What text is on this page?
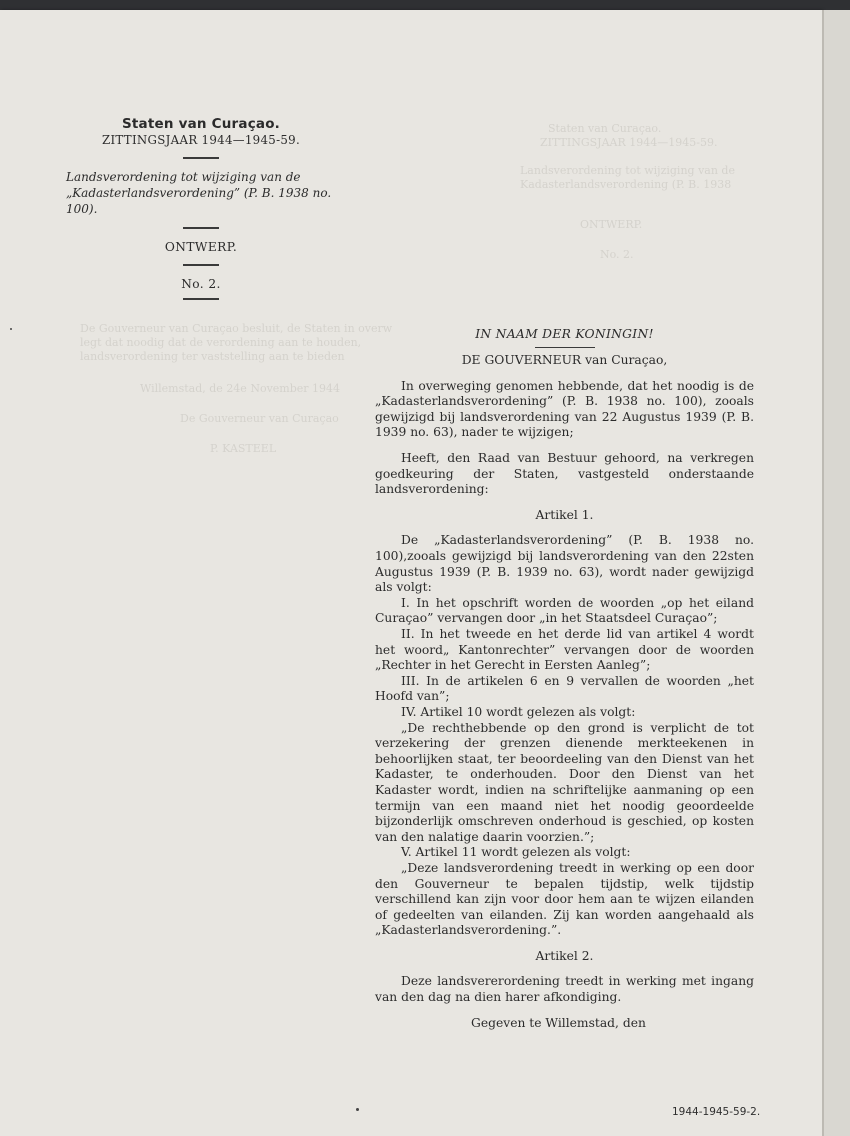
Staten van Curaçao.
ZITTINGSJAAR 1944—1945-59.
Landsverordening tot wijziging van de
Kadasterlandsverordening (P. B. 1938
ONTWERP.
No. 2.
De Gouverneur van Curaçao besluit, de Staten in overw
legt dat noodig dat de verordening aan te houden,
landsverordening ter vaststelling aan te bieden
Willemstad, de 24e November 1944
De Gouverneur van Curaçao
P. KASTEEL
Staten van Curaçao.
ZITTINGSJAAR 1944—1945-59.
Landsverordening tot wijziging van de „Kadasterlandsverordening” (P. B. 1938 no. 100).
ONTWERP.
No. 2.

IN NAAM DER KONINGIN!

DE GOUVERNEUR van Curaçao,

In overweging genomen hebbende, dat het noodig is de „Kadasterlandsverordening” (P. B. 1938 no. 100), zooals gewijzigd bij landsverordening van 22 Augustus 1939 (P. B. 1939 no. 63), nader te wijzigen;

Heeft, den Raad van Bestuur gehoord, na verkregen goedkeuring der Staten, vastgesteld onderstaande landsverordening:

Artikel 1.

De „Kadasterlandsverordening” (P. B. 1938 no. 100),zooals gewijzigd bij landsverordening van den 22sten Augustus 1939 (P. B. 1939 no. 63), wordt nader gewijzigd als volgt:

I. In het opschrift worden de woorden „op het eiland Curaçao” vervangen door „in het Staatsdeel Curaçao”;

II. In het tweede en het derde lid van artikel 4 wordt het woord„ Kantonrechter” vervangen door de woorden „Rechter in het Gerecht in Eersten Aanleg”;

III. In de artikelen 6 en 9 vervallen de woorden „het Hoofd van”;

IV. Artikel 10 wordt gelezen als volgt:

„De rechthebbende op den grond is verplicht de tot verzekering der grenzen dienende merkteekenen in behoorlijken staat, ter beoordeeling van den Dienst van het Kadaster, te onderhouden. Door den Dienst van het Kadaster wordt, indien na schriftelijke aanmaning op een termijn van een maand niet het noodig geoordeelde bijzonderlijk omschreven onderhoud is geschied, op kosten van den nalatige daarin voorzien.”;

V. Artikel 11 wordt gelezen als volgt:

„Deze landsverordening treedt in werking op een door den Gouverneur te bepalen tijdstip, welk tijdstip verschillend kan zijn voor door hem aan te wijzen eilanden of gedeelten van eilanden. Zij kan worden aangehaald als „Kadasterlandsverordening.”.

Artikel 2.

Deze landsvererordening treedt in werking met ingang van den dag na dien harer afkondiging.

Gegeven te Willemstad, den

1944-1945-59-2.
